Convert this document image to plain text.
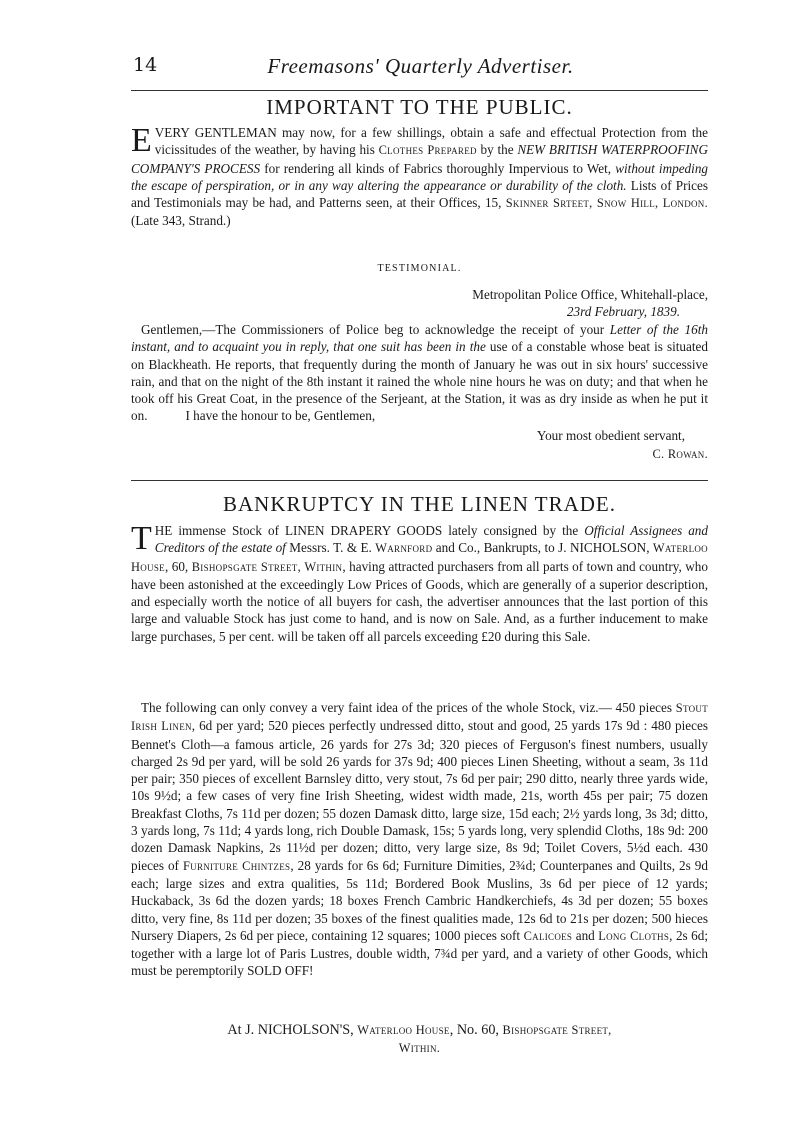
14	Freemasons' Quarterly Advertiser.
IMPORTANT TO THE PUBLIC.

EVERY GENTLEMAN may now, for a few shillings, obtain a safe and effectual Protection from the vicissitudes of the weather, by having his Clothes Prepared by the NEW BRITISH WATERPROOFING COMPANY'S PROCESS for rendering all kinds of Fabrics thoroughly Impervious to Wet, without impeding the escape of perspiration, or in any way altering the appearance or durability of the cloth. Lists of Prices and Testimonials may be had, and Patterns seen, at their Offices, 15, Skinner Srteet, Snow Hill, London. (Late 343, Strand.)

TESTIMONIAL.
Metropolitan Police Office, Whitehall-place,
23rd February, 1839.

Gentlemen,—The Commissioners of Police beg to acknowledge the receipt of your Letter of the 16th instant, and to acquaint you in reply, that one suit has been in the use of a constable whose beat is situated on Blackheath. He reports, that frequently during the month of January he was out in six hours' successive rain, and that on the night of the 8th instant it rained the whole nine hours he was on duty; and that when he took off his Great Coat, in the presence of the Serjeant, at the Station, it was as dry inside as when he put it on.	I have the honour to be, Gentlemen,

Your most obedient servant,
C. Rowan.
BANKRUPTCY IN THE LINEN TRADE.

THE immense Stock of LINEN DRAPERY GOODS lately consigned by the Official Assignees and Creditors of the estate of Messrs. T. & E. Warnford and Co., Bankrupts, to J. NICHOLSON, Waterloo House, 60, Bishopsgate Street, Within, having attracted purchasers from all parts of town and country, who have been astonished at the exceedingly Low Prices of Goods, which are generally of a superior description, and especially worth the notice of all buyers for cash, the advertiser announces that the last portion of this large and valuable Stock has just come to hand, and is now on Sale. And, as a further inducement to make large purchases, 5 per cent. will be taken off all parcels exceeding £20 during this Sale.

The following can only convey a very faint idea of the prices of the whole Stock, viz.— 450 pieces Stout Irish Linen, 6d per yard; 520 pieces perfectly undressed ditto, stout and good, 25 yards 17s 9d : 480 pieces Bennet's Cloth—a famous article, 26 yards for 27s 3d; 320 pieces of Ferguson's finest numbers, usually charged 2s 9d per yard, will be sold 26 yards for 37s 9d; 400 pieces Linen Sheeting, without a seam, 3s 11d per pair; 350 pieces of excellent Barnsley ditto, very stout, 7s 6d per pair; 290 ditto, nearly three yards wide, 10s 9½d; a few cases of very fine Irish Sheeting, widest width made, 21s, worth 45s per pair; 75 dozen Breakfast Cloths, 7s 11d per dozen; 55 dozen Damask ditto, large size, 15d each; 2½ yards long, 3s 3d; ditto, 3 yards long, 7s 11d; 4 yards long, rich Double Damask, 15s; 5 yards long, very splendid Cloths, 18s 9d: 200 dozen Damask Napkins, 2s 11½d per dozen; ditto, very large size, 8s 9d; Toilet Covers, 5½d each. 430 pieces of Furniture Chintzes, 28 yards for 6s 6d; Furniture Dimities, 2¾d; Counterpanes and Quilts, 2s 9d each; large sizes and extra qualities, 5s 11d; Bordered Book Muslins, 3s 6d per piece of 12 yards; Huckaback, 3s 6d the dozen yards; 18 boxes French Cambric Handkerchiefs, 4s 3d per dozen; 55 boxes ditto, very fine, 8s 11d per dozen; 35 boxes of the finest qualities made, 12s 6d to 21s per dozen; 500 hieces Nursery Diapers, 2s 6d per piece, containing 12 squares; 1000 pieces soft Calicoes and Long Cloths, 2s 6d; together with a large lot of Paris Lustres, double width, 7¾d per yard, and a variety of other Goods, which must be peremptorily SOLD OFF!

At J. NICHOLSON'S, Waterloo House, No. 60, Bishopsgate Street,
Within.
